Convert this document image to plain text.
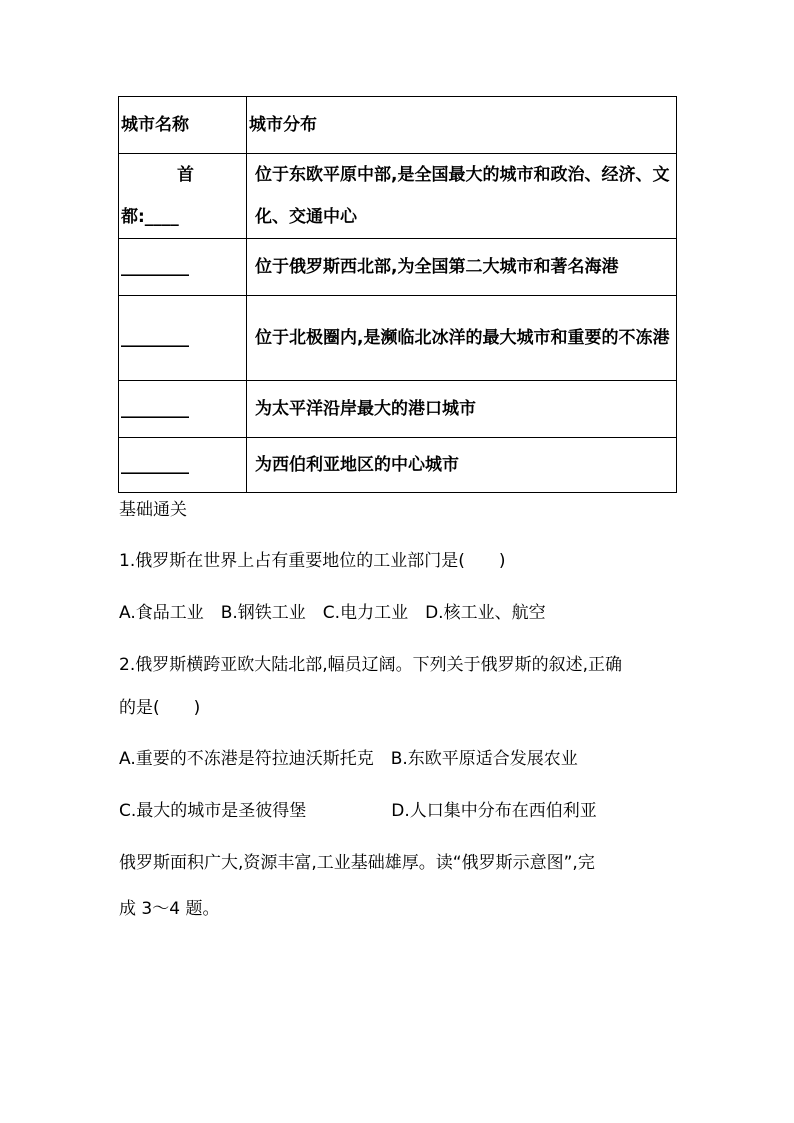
城市名称	城市分布

首
都:____	位于东欧平原中部,是全国最大的城市和政治、经济、文化、交通中心
________	位于俄罗斯西北部,为全国第二大城市和著名海港
________	位于北极圈内,是濒临北冰洋的最大城市和重要的不冻港
________	为太平洋沿岸最大的港口城市
________	为西伯利亚地区的中心城市

基础通关

1.俄罗斯在世界上占有重要地位的工业部门是(　　)

A.食品工业　B.钢铁工业　C.电力工业　D.核工业、航空

2.俄罗斯横跨亚欧大陆北部,幅员辽阔。下列关于俄罗斯的叙述,正确

的是(　　)

A.重要的不冻港是符拉迪沃斯托克　B.东欧平原适合发展农业

C.最大的城市是圣彼得堡　　　　　D.人口集中分布在西伯利亚

俄罗斯面积广大,资源丰富,工业基础雄厚。读“俄罗斯示意图”,完

成 3～4 题。
